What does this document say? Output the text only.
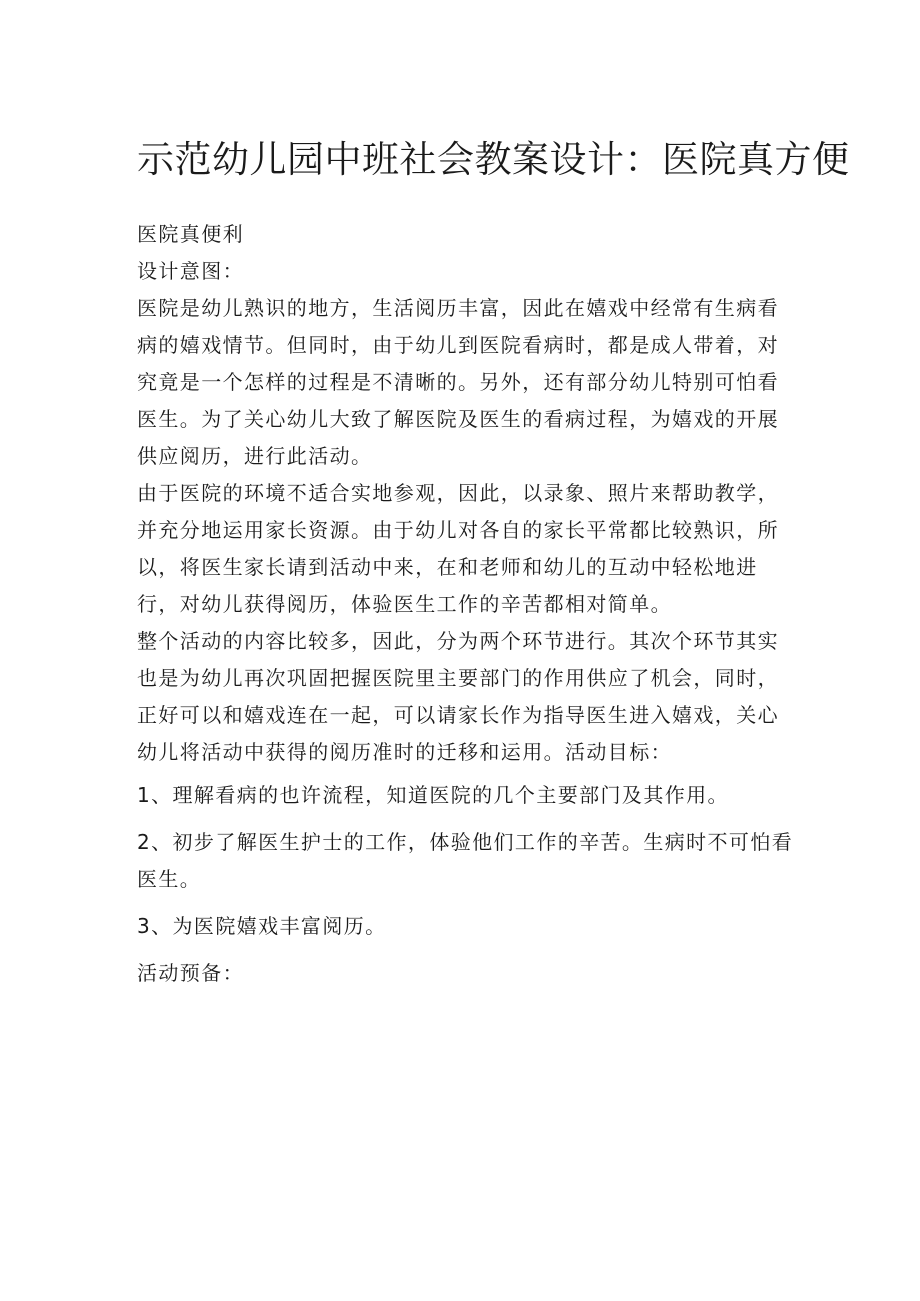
示范幼儿园中班社会教案设计：医院真方便

医院真便利

设计意图：

医院是幼儿熟识的地方，生活阅历丰富，因此在嬉戏中经常有生病看病的嬉戏情节。但同时，由于幼儿到医院看病时，都是成人带着，对究竟是一个怎样的过程是不清晰的。另外，还有部分幼儿特别可怕看医生。为了关心幼儿大致了解医院及医生的看病过程，为嬉戏的开展供应阅历，进行此活动。

由于医院的环境不适合实地参观，因此，以录象、照片来帮助教学，并充分地运用家长资源。由于幼儿对各自的家长平常都比较熟识，所以，将医生家长请到活动中来，在和老师和幼儿的互动中轻松地进行，对幼儿获得阅历，体验医生工作的辛苦都相对简单。

整个活动的内容比较多，因此，分为两个环节进行。其次个环节其实也是为幼儿再次巩固把握医院里主要部门的作用供应了机会，同时，正好可以和嬉戏连在一起，可以请家长作为指导医生进入嬉戏，关心幼儿将活动中获得的阅历准时的迁移和运用。活动目标：

1、理解看病的也许流程，知道医院的几个主要部门及其作用。

2、初步了解医生护士的工作，体验他们工作的辛苦。生病时不可怕看医生。

3、为医院嬉戏丰富阅历。

活动预备：
